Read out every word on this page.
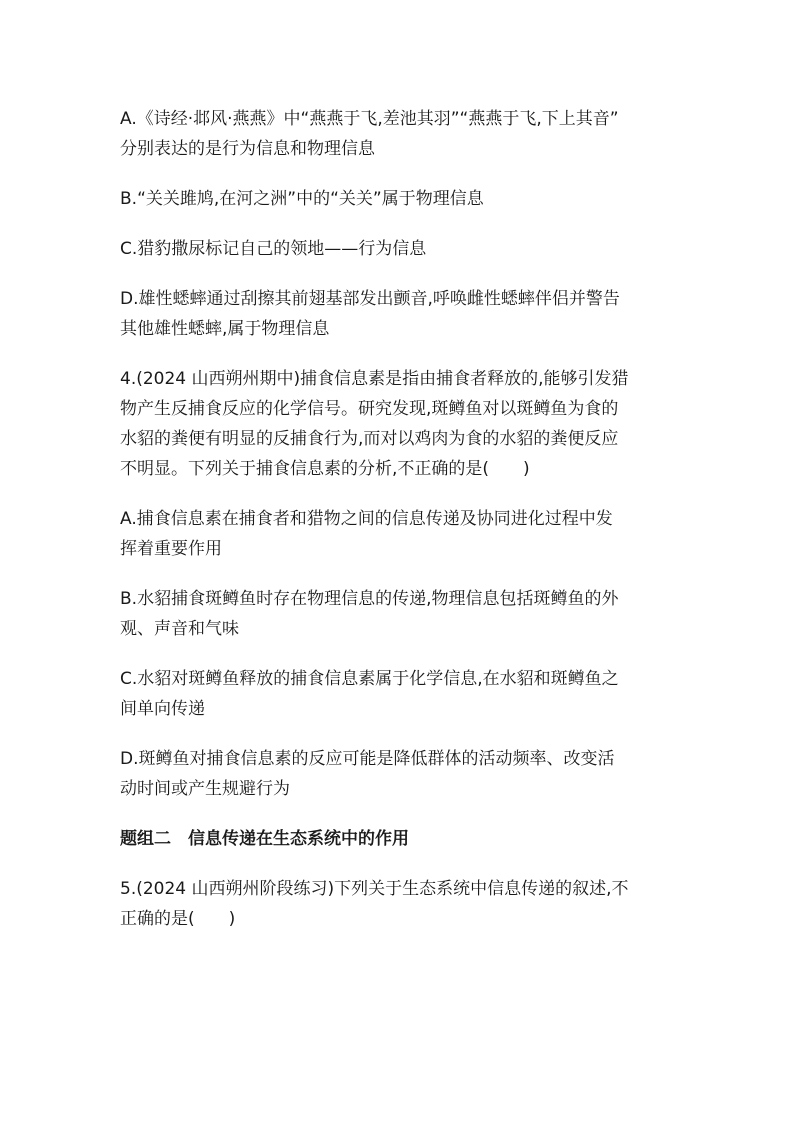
A.《诗经·邶风·燕燕》中“燕燕于飞,差池其羽”“燕燕于飞,下上其音”
分别表达的是行为信息和物理信息

B.“关关雎鸠,在河之洲”中的“关关”属于物理信息

C.猎豹撒尿标记自己的领地——行为信息

D.雄性蟋蟀通过刮擦其前翅基部发出颤音,呼唤雌性蟋蟀伴侣并警告
其他雄性蟋蟀,属于物理信息

4.(2024 山西朔州期中)捕食信息素是指由捕食者释放的,能够引发猎
物产生反捕食反应的化学信号。研究发现,斑鳟鱼对以斑鳟鱼为食的
水貂的粪便有明显的反捕食行为,而对以鸡肉为食的水貂的粪便反应
不明显。下列关于捕食信息素的分析,不正确的是(　　)

A.捕食信息素在捕食者和猎物之间的信息传递及协同进化过程中发
挥着重要作用

B.水貂捕食斑鳟鱼时存在物理信息的传递,物理信息包括斑鳟鱼的外
观、声音和气味

C.水貂对斑鳟鱼释放的捕食信息素属于化学信息,在水貂和斑鳟鱼之
间单向传递

D.斑鳟鱼对捕食信息素的反应可能是降低群体的活动频率、改变活
动时间或产生规避行为

题组二　信息传递在生态系统中的作用

5.(2024 山西朔州阶段练习)下列关于生态系统中信息传递的叙述,不
正确的是(　　)
